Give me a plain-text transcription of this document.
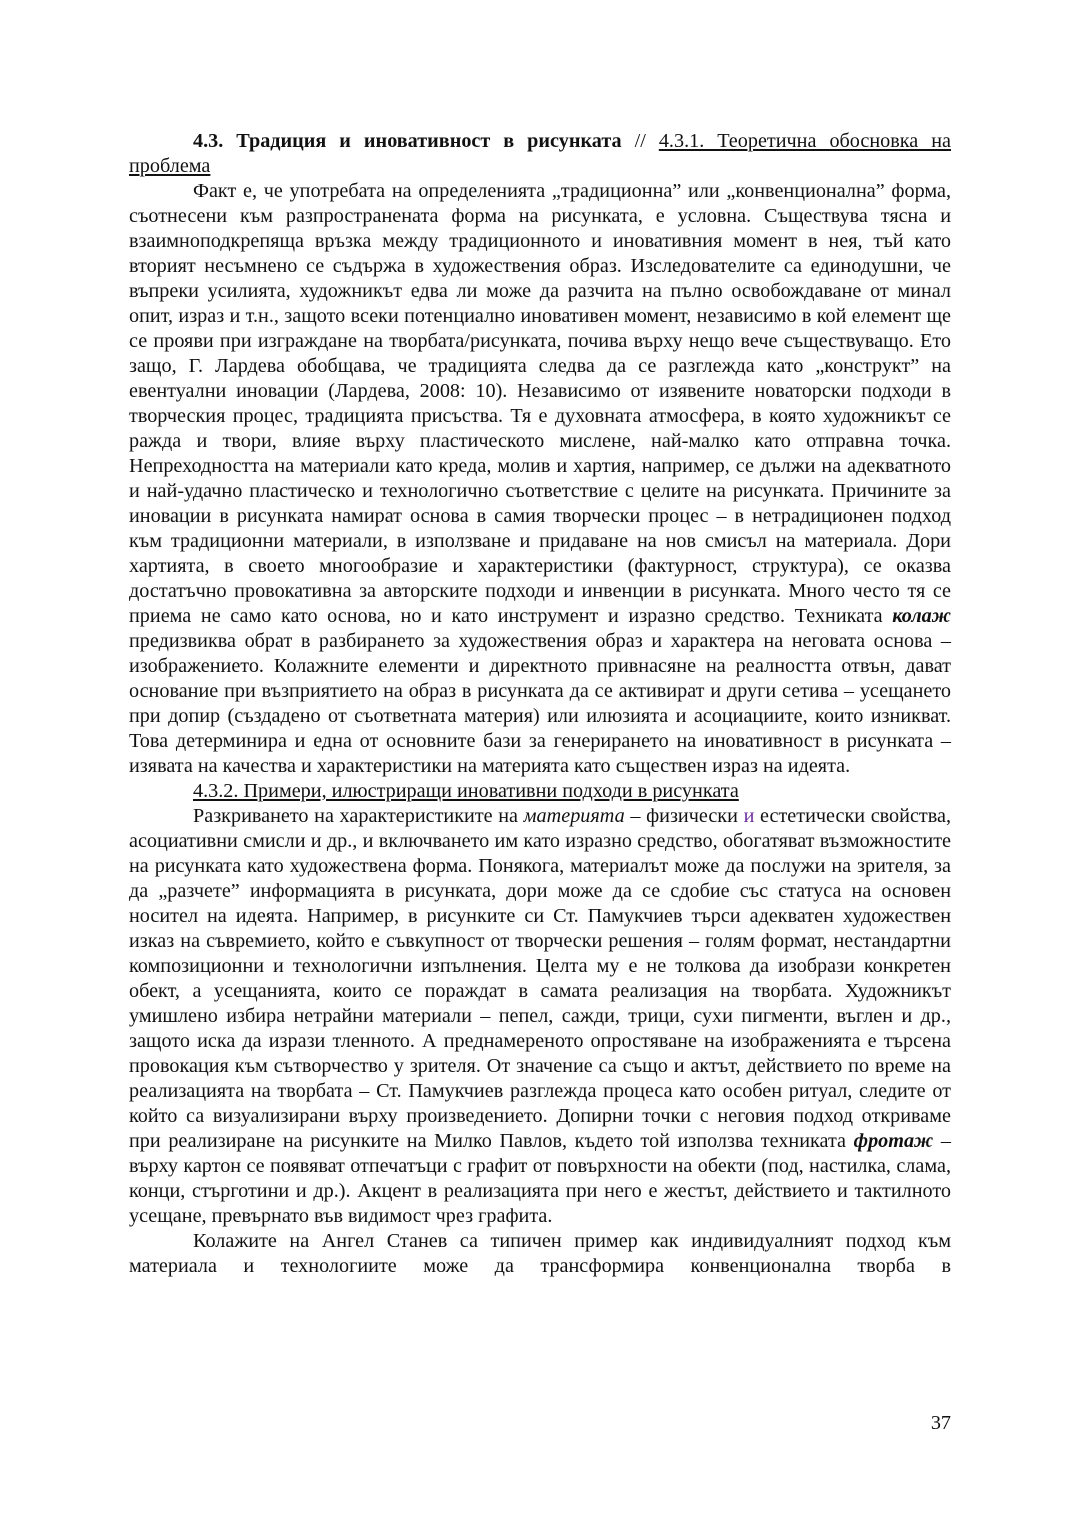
4.3. Традиция и иновативност в рисунката // 4.3.1. Теоретична обосновка на проблема

Факт е, че употребата на определенията „традиционна” или „конвенционална” форма, съотнесени към разпространената форма на рисунката, е условна. Съществува тясна и взаимноподкрепяща връзка между традиционното и иновативния момент в нея, тъй като вторият несъмнено се съдържа в художествения образ. Изследователите са единодушни, че въпреки усилията, художникът едва ли може да разчита на пълно освобождаване от минал опит, израз и т.н., защото всеки потенциално иновативен момент, независимо в кой елемент ще се прояви при изграждане на творбата/рисунката, почива върху нещо вече съществуващо. Ето защо, Г. Лардева обобщава, че традицията следва да се разглежда като „конструкт” на евентуални иновации (Лардева, 2008: 10). Независимо от изявените новаторски подходи в творческия процес, традицията присъства. Тя е духовната атмосфера, в която художникът се ражда и твори, влияе върху пластическото мислене, най-малко като отправна точка. Непреходността на материали като креда, молив и хартия, например, се дължи на адекватното и най-удачно пластическо и технологично съответствие с целите на рисунката. Причините за иновации в рисунката намират основа в самия творчески процес – в нетрадиционен подход към традиционни материали, в използване и придаване на нов смисъл на материала. Дори хартията, в своето многообразие и характеристики (фактурност, структура), се оказва достатъчно провокативна за авторските подходи и инвенции в рисунката. Много често тя се приема не само като основа, но и като инструмент и изразно средство. Техниката колаж предизвиква обрат в разбирането за художествения образ и характера на неговата основа – изображението. Колажните елементи и директното привнасяне на реалността отвън, дават основание при възприятието на образ в рисунката да се активират и други сетива – усещането при допир (създадено от съответната материя) или илюзията и асоциациите, които изникват. Това детерминира и една от основните бази за генерирането на иновативност в рисунката – изявата на качества и характеристики на материята като съществен израз на идеята.

4.3.2. Примери, илюстриращи иновативни подходи в рисунката

Разкриването на характеристиките на материята – физически и естетически свойства, асоциативни смисли и др., и включването им като изразно средство, обогатяват възможностите на рисунката като художествена форма. Понякога, материалът може да послужи на зрителя, за да „разчете” информацията в рисунката, дори може да се сдобие със статуса на основен носител на идеята. Например, в рисунките си Ст. Памукчиев търси адекватен художествен изказ на съвремието, който е съвкупност от творчески решения – голям формат, нестандартни композиционни и технологични изпълнения. Целта му е не толкова да изобрази конкретен обект, а усещанията, които се пораждат в самата реализация на творбата. Художникът умишлено избира нетрайни материали – пепел, сажди, трици, сухи пигменти, въглен и др., защото иска да изрази тленното. А преднамереното опростяване на изображенията е търсена провокация към сътворчество у зрителя. От значение са също и актът, действието по време на реализацията на творбата – Ст. Памукчиев разглежда процеса като особен ритуал, следите от който са визуализирани върху произведението. Допирни точки с неговия подход откриваме при реализиране на рисунките на Милко Павлов, където той използва техниката фротаж – върху картон се появяват отпечатъци с графит от повърхности на обекти (под, настилка, слама, конци, стърготини и др.). Акцент в реализацията при него е жестът, действието и тактилното усещане, превърнато във видимост чрез графита.

Колажите на Ангел Станев са типичен пример как индивидуалният подход към материала и технологиите може да трансформира конвенционална творба в

37
